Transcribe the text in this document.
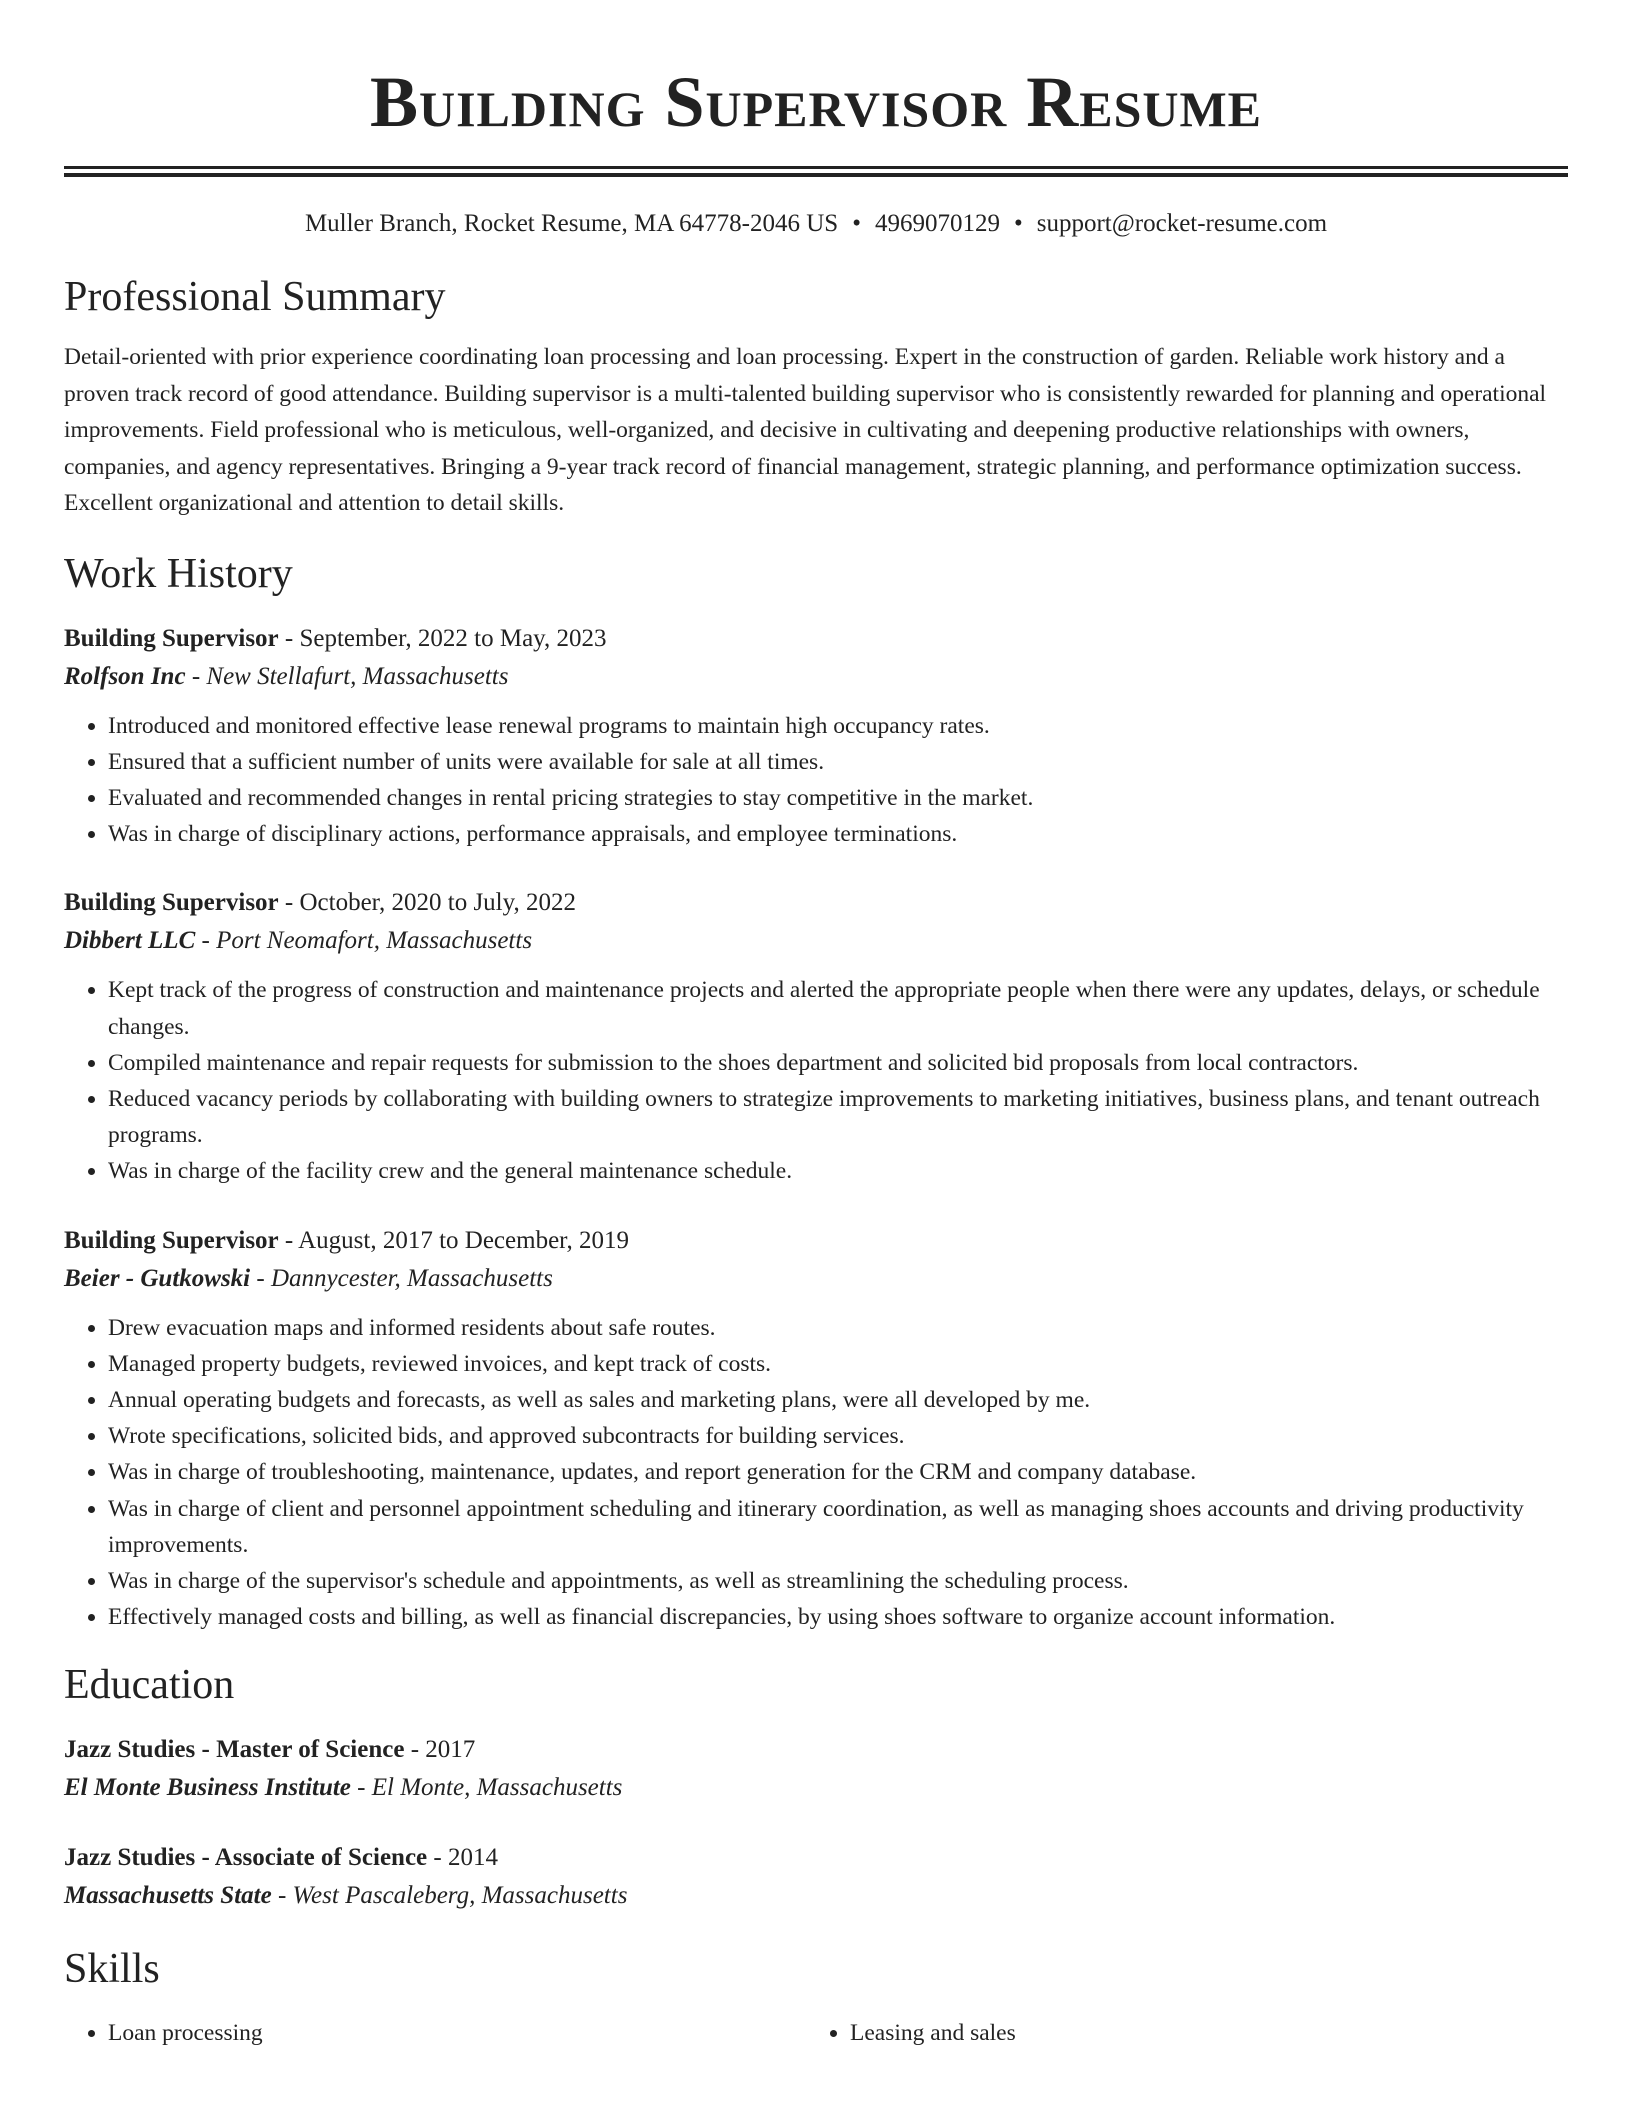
Building Supervisor Resume
Muller Branch, Rocket Resume, MA 64778-2046 US • 4969070129 • support@rocket-resume.com
Professional Summary

Detail-oriented with prior experience coordinating loan processing and loan processing. Expert in the construction of garden. Reliable work history and a proven track record of good attendance. Building supervisor is a multi-talented building supervisor who is consistently rewarded for planning and operational improvements. Field professional who is meticulous, well-organized, and decisive in cultivating and deepening productive relationships with owners, companies, and agency representatives. Bringing a 9-year track record of financial management, strategic planning, and performance optimization success. Excellent organizational and attention to detail skills.

Work History
Building Supervisor - September, 2022 to May, 2023
Rolfson Inc - New Stellafurt, Massachusetts
• Introduced and monitored effective lease renewal programs to maintain high occupancy rates.
• Ensured that a sufficient number of units were available for sale at all times.
• Evaluated and recommended changes in rental pricing strategies to stay competitive in the market.
• Was in charge of disciplinary actions, performance appraisals, and employee terminations.
Building Supervisor - October, 2020 to July, 2022
Dibbert LLC - Port Neomafort, Massachusetts
• Kept track of the progress of construction and maintenance projects and alerted the appropriate people when there were any updates, delays, or schedule changes.
• Compiled maintenance and repair requests for submission to the shoes department and solicited bid proposals from local contractors.
• Reduced vacancy periods by collaborating with building owners to strategize improvements to marketing initiatives, business plans, and tenant outreach programs.
• Was in charge of the facility crew and the general maintenance schedule.
Building Supervisor - August, 2017 to December, 2019
Beier - Gutkowski - Dannycester, Massachusetts
• Drew evacuation maps and informed residents about safe routes.
• Managed property budgets, reviewed invoices, and kept track of costs.
• Annual operating budgets and forecasts, as well as sales and marketing plans, were all developed by me.
• Wrote specifications, solicited bids, and approved subcontracts for building services.
• Was in charge of troubleshooting, maintenance, updates, and report generation for the CRM and company database.
• Was in charge of client and personnel appointment scheduling and itinerary coordination, as well as managing shoes accounts and driving productivity improvements.
• Was in charge of the supervisor's schedule and appointments, as well as streamlining the scheduling process.
• Effectively managed costs and billing, as well as financial discrepancies, by using shoes software to organize account information.
Education
Jazz Studies - Master of Science - 2017
El Monte Business Institute - El Monte, Massachusetts
Jazz Studies - Associate of Science - 2014
Massachusetts State - West Pascaleberg, Massachusetts
Skills
• Loan processing
•	Leasing and sales
